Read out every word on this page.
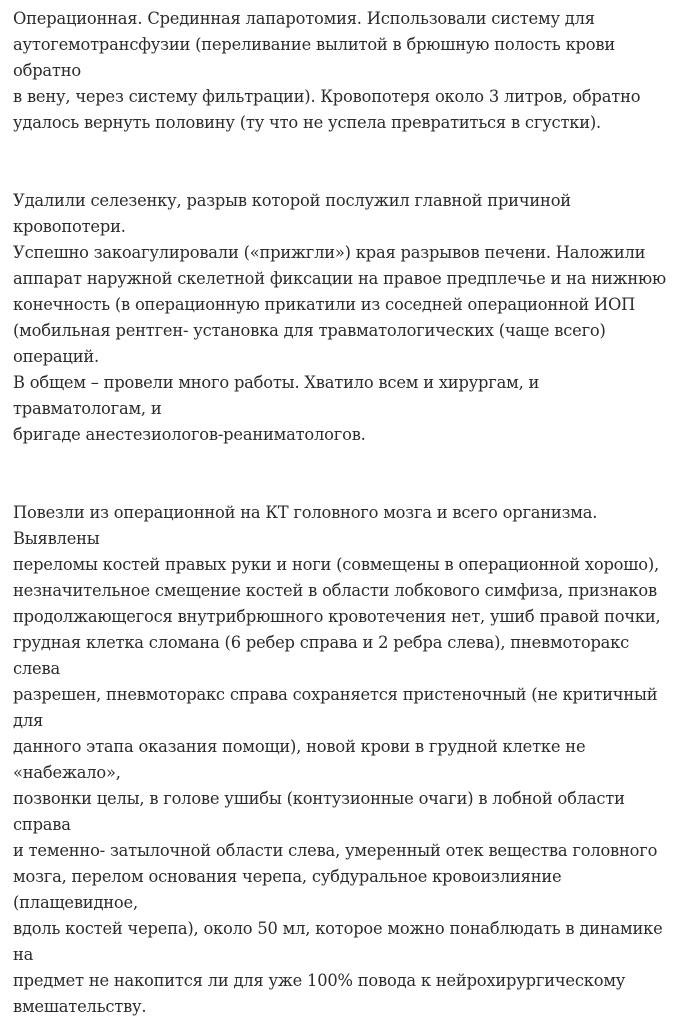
Операционная. Срединная лапаротомия. Использовали систему для
аутогемотрансфузии (переливание вылитой в брюшную полость крови обратно
в вену, через систему фильтрации). Кровопотеря около 3 литров, обратно
удалось вернуть половину (ту что не успела превратиться в сгустки).

Удалили селезенку, разрыв которой послужил главной причиной кровопотери.
Успешно закоагулировали («прижгли») края разрывов печени. Наложили
аппарат наружной скелетной фиксации на правое предплечье и на нижнюю
конечность (в операционную прикатили из соседней операционной ИОП
(мобильная рентген- установка для травматологических (чаще всего) операций.
В общем – провели много работы. Хватило всем и хирургам, и травматологам, и
бригаде анестезиологов-реаниматологов.

Повезли из операционной на КТ головного мозга и всего организма. Выявлены
переломы костей правых руки и ноги (совмещены в операционной хорошо),
незначительное смещение костей в области лобкового симфиза, признаков
продолжающегося внутрибрюшного кровотечения нет, ушиб правой почки,
грудная клетка сломана (6 ребер справа и 2 ребра слева), пневмоторакс слева
разрешен, пневмоторакс справа сохраняется пристеночный (не критичный для
данного этапа оказания помощи), новой крови в грудной клетке не «набежало»,
позвонки целы, в голове ушибы (контузионные очаги) в лобной области справа
и теменно- затылочной области слева, умеренный отек вещества головного
мозга, перелом основания черепа, субдуральное кровоизлияние (плащевидное,
вдоль костей черепа), около 50 мл, которое можно понаблюдать в динамике на
предмет не накопится ли для уже 100% повода к нейрохирургическому
вмешательству.
